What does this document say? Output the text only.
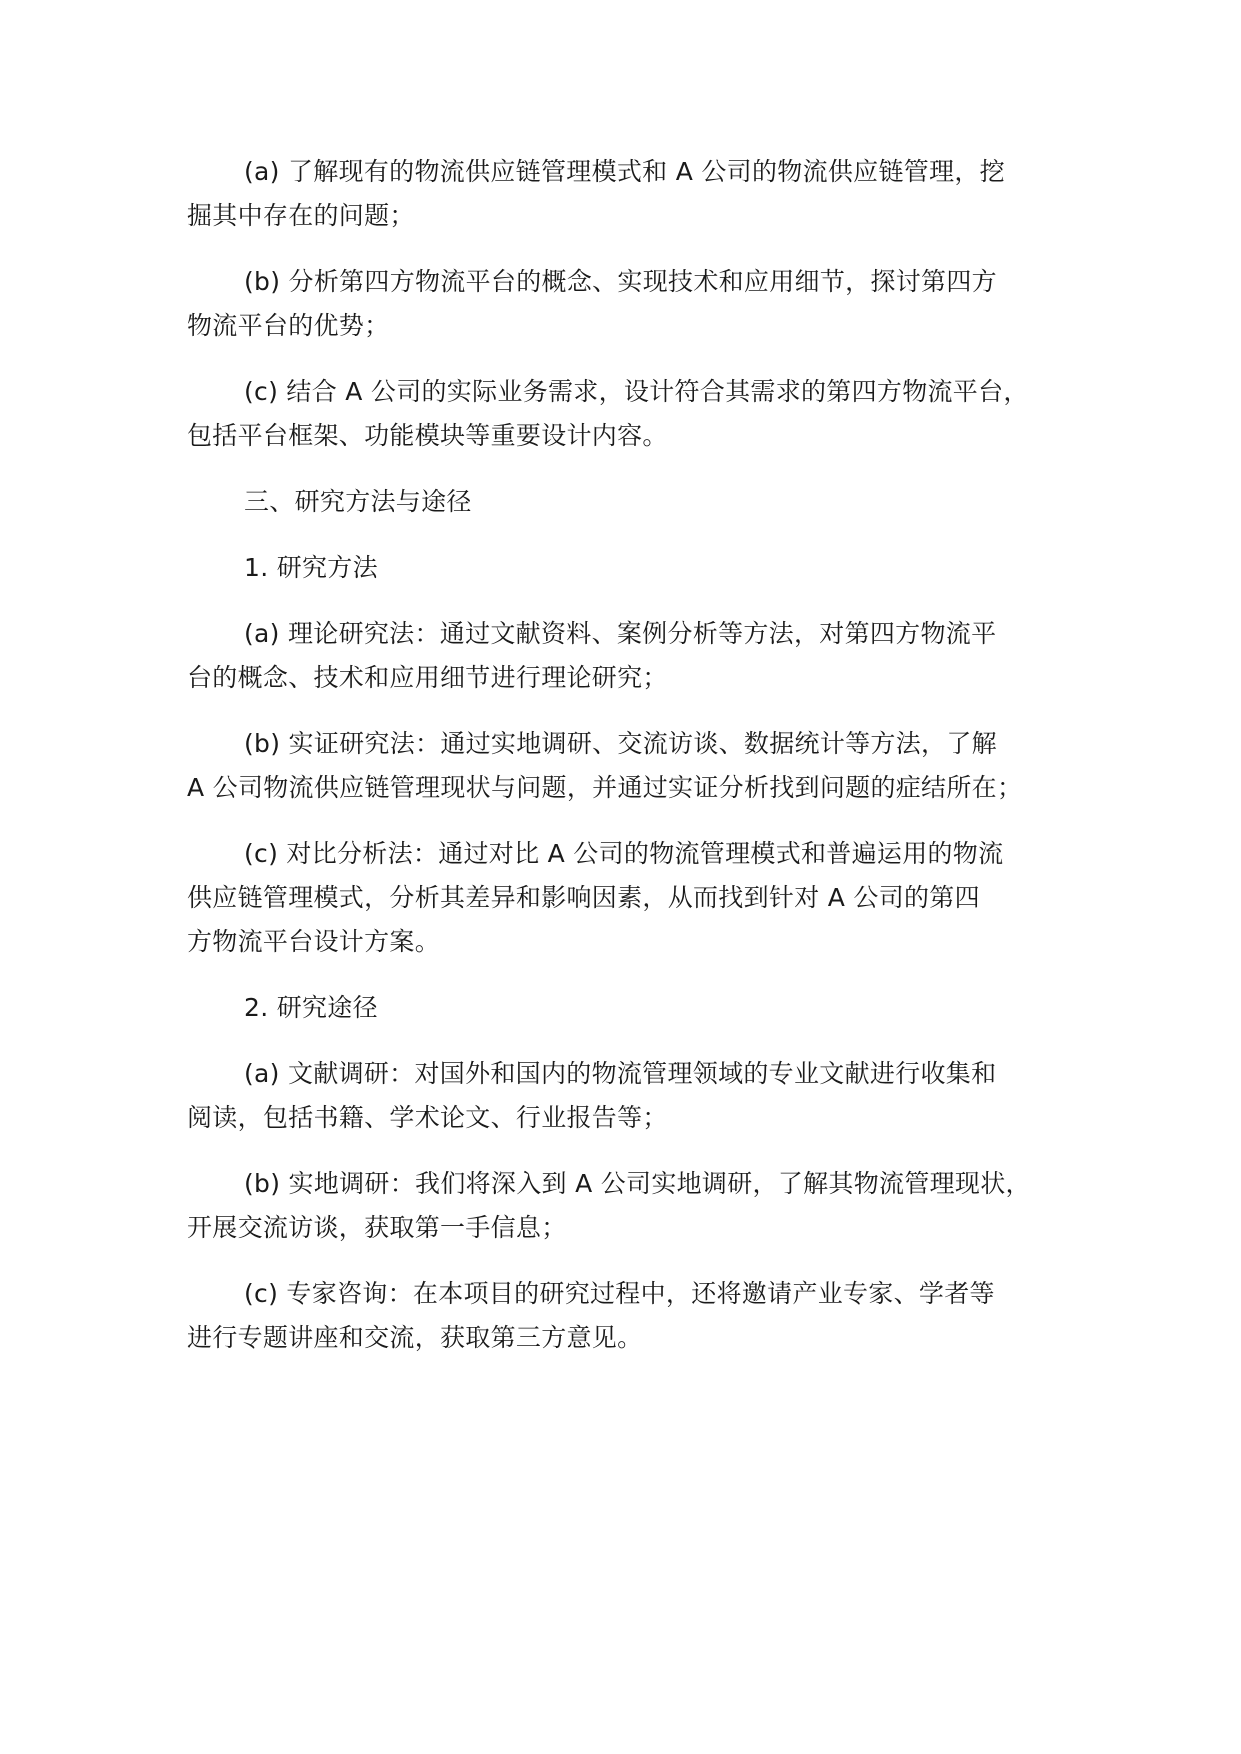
(a) 了解现有的物流供应链管理模式和 A 公司的物流供应链管理，挖
掘其中存在的问题；

(b) 分析第四方物流平台的概念、实现技术和应用细节，探讨第四方
物流平台的优势；

(c) 结合 A 公司的实际业务需求，设计符合其需求的第四方物流平台，
包括平台框架、功能模块等重要设计内容。

三、研究方法与途径

1. 研究方法

(a) 理论研究法：通过文献资料、案例分析等方法，对第四方物流平
台的概念、技术和应用细节进行理论研究；

(b) 实证研究法：通过实地调研、交流访谈、数据统计等方法，了解
A 公司物流供应链管理现状与问题，并通过实证分析找到问题的症结所在；

(c) 对比分析法：通过对比 A 公司的物流管理模式和普遍运用的物流
供应链管理模式，分析其差异和影响因素，从而找到针对 A 公司的第四
方物流平台设计方案。

2. 研究途径

(a) 文献调研：对国外和国内的物流管理领域的专业文献进行收集和
阅读，包括书籍、学术论文、行业报告等；

(b) 实地调研：我们将深入到 A 公司实地调研，了解其物流管理现状，
开展交流访谈，获取第一手信息；

(c) 专家咨询：在本项目的研究过程中，还将邀请产业专家、学者等
进行专题讲座和交流，获取第三方意见。
